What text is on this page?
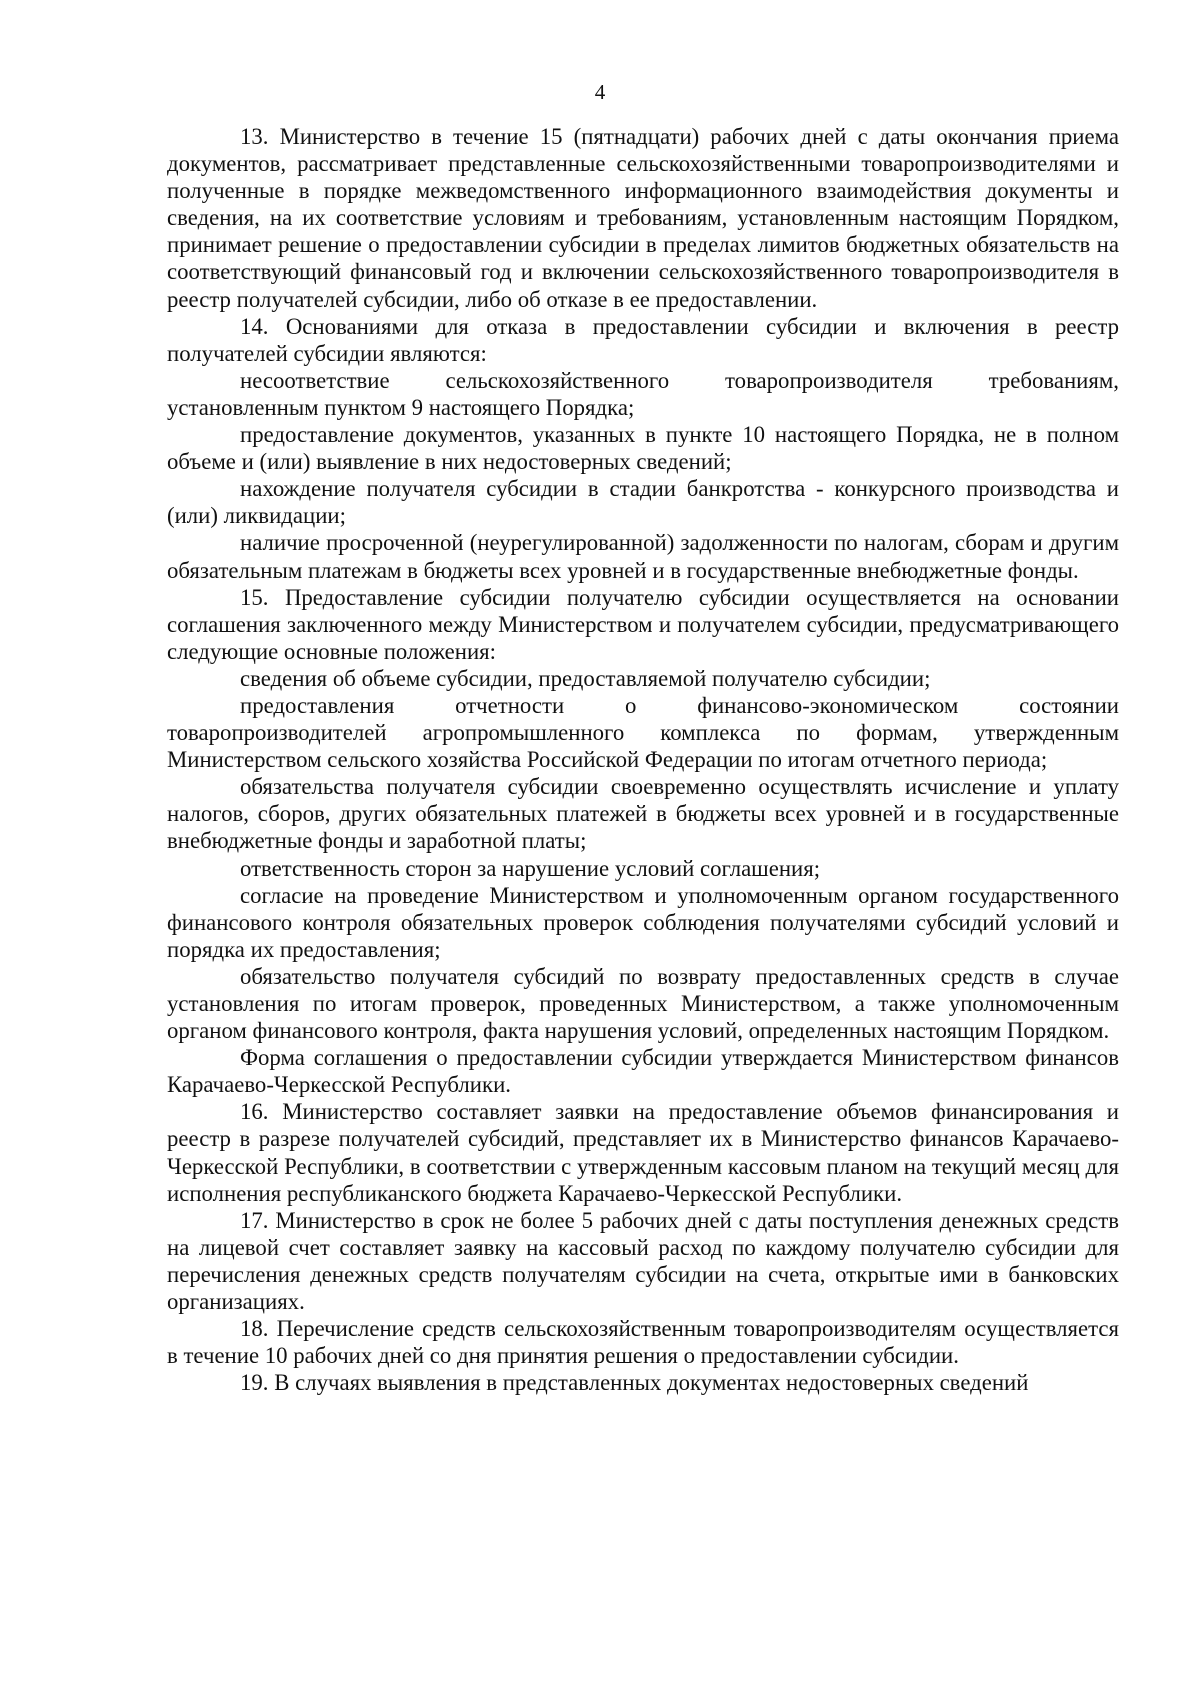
4

13. Министерство в течение 15 (пятнадцати) рабочих дней с даты окончания приема документов, рассматривает представленные сельскохозяйственными товаропроизводителями и полученные в порядке межведомственного информационного взаимодействия документы и сведения, на их соответствие условиям и требованиям, установленным настоящим Порядком, принимает решение о предоставлении субсидии в пределах лимитов бюджетных обязательств на соответствующий финансовый год и включении сельскохозяйственного товаропроизводителя в реестр получателей субсидии, либо об отказе в ее предоставлении.

14. Основаниями для отказа в предоставлении субсидии и включения в реестр получателей субсидии являются:

несоответствие сельскохозяйственного товаропроизводителя требованиям, установленным пунктом 9 настоящего Порядка;

предоставление документов, указанных в пункте 10 настоящего Порядка, не в полном объеме и (или) выявление в них недостоверных сведений;

нахождение получателя субсидии в стадии банкротства - конкурсного производства и (или) ликвидации;

наличие просроченной (неурегулированной) задолженности по налогам, сборам и другим обязательным платежам в бюджеты всех уровней и в государственные внебюджетные фонды.

15. Предоставление субсидии получателю субсидии осуществляется на основании соглашения заключенного между Министерством и получателем субсидии, предусматривающего следующие основные положения:

сведения об объеме субсидии, предоставляемой получателю субсидии;

предоставления отчетности о финансово-экономическом состоянии товаропроизводителей агропромышленного комплекса по формам, утвержденным Министерством сельского хозяйства Российской Федерации по итогам отчетного периода;

обязательства получателя субсидии своевременно осуществлять исчисление и уплату налогов, сборов, других обязательных платежей в бюджеты всех уровней и в государственные внебюджетные фонды и заработной платы;

ответственность сторон за нарушение условий соглашения;

согласие на проведение Министерством и уполномоченным органом государственного финансового контроля обязательных проверок соблюдения получателями субсидий условий и порядка их предоставления;

обязательство получателя субсидий по возврату предоставленных средств в случае установления по итогам проверок, проведенных Министерством, а также уполномоченным органом финансового контроля, факта нарушения условий, определенных настоящим Порядком.

Форма соглашения о предоставлении субсидии утверждается Министерством финансов Карачаево-Черкесской Республики.

16. Министерство составляет заявки на предоставление объемов финансирования и реестр в разрезе получателей субсидий, представляет их в Министерство финансов Карачаево-Черкесской Республики, в соответствии с утвержденным кассовым планом на текущий месяц для исполнения республиканского бюджета Карачаево-Черкесской Республики.

17. Министерство в срок не более 5 рабочих дней с даты поступления денежных средств на лицевой счет составляет заявку на кассовый расход по каждому получателю субсидии для перечисления денежных средств получателям субсидии на счета, открытые ими в банковских организациях.

18. Перечисление средств сельскохозяйственным товаропроизводителям осуществляется в течение 10 рабочих дней со дня принятия решения о предоставлении субсидии.

19. В случаях выявления в представленных документах недостоверных сведений
